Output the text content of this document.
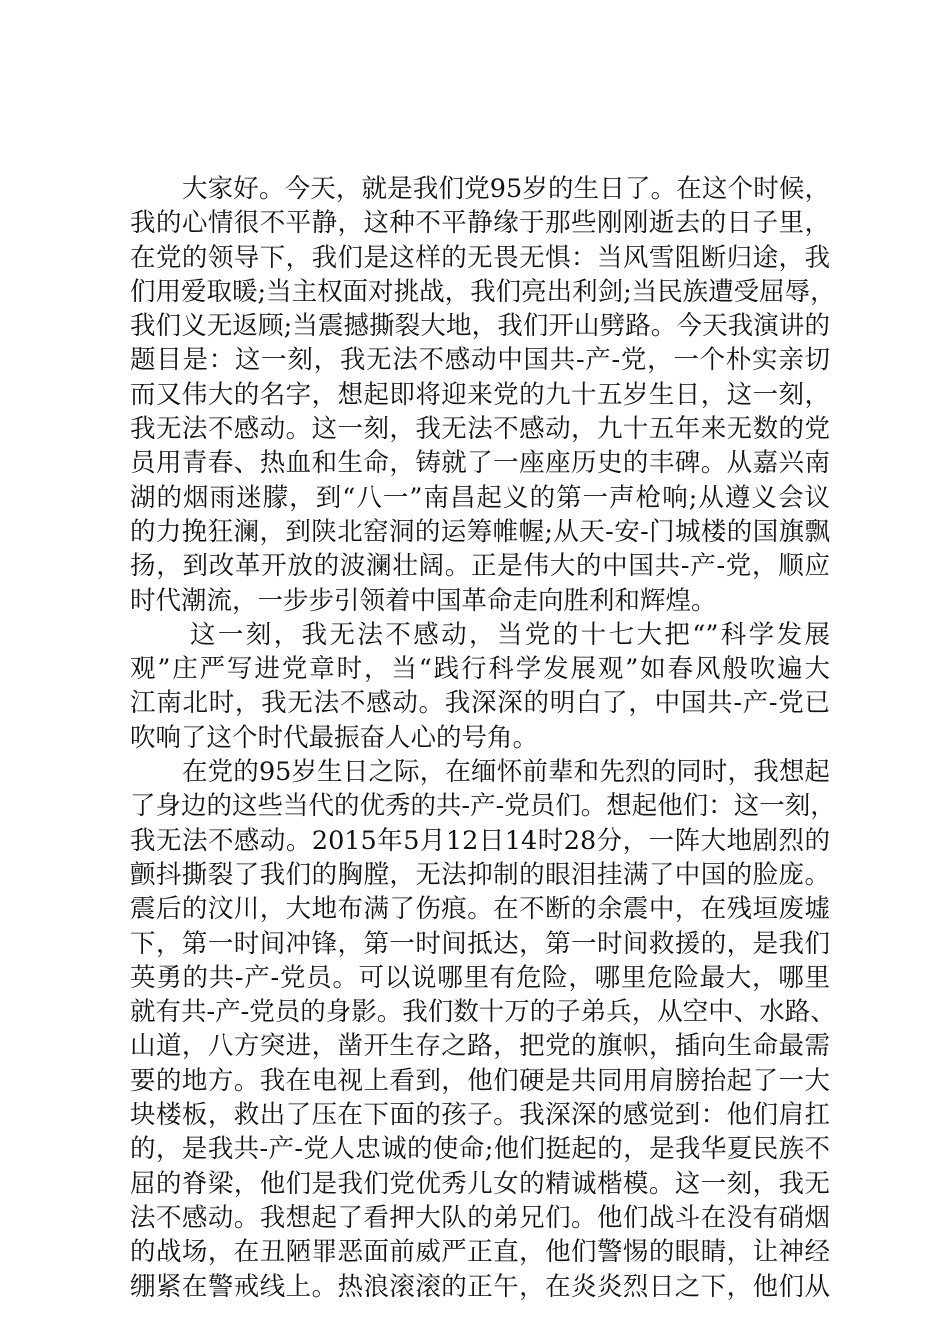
大家好。今天，就是我们党95岁的生日了。在这个时候，
我的心情很不平静，这种不平静缘于那些刚刚逝去的日子里，
在党的领导下，我们是这样的无畏无惧：当风雪阻断归途，我
们用爱取暖;当主权面对挑战，我们亮出利剑;当民族遭受屈辱，
我们义无返顾;当震撼撕裂大地，我们开山劈路。今天我演讲的
题目是：这一刻，我无法不感动中国共-产-党，一个朴实亲切
而又伟大的名字，想起即将迎来党的九十五岁生日，这一刻，
我无法不感动。这一刻，我无法不感动，九十五年来无数的党
员用青春、热血和生命，铸就了一座座历史的丰碑。从嘉兴南
湖的烟雨迷朦，到“八一”南昌起义的第一声枪响;从遵义会议
的力挽狂澜，到陕北窑洞的运筹帷幄;从天-安-门城楼的国旗飘
扬，到改革开放的波澜壮阔。正是伟大的中国共-产-党，顺应
时代潮流，一步步引领着中国革命走向胜利和辉煌。
这一刻，我无法不感动，当党的十七大把“”科学发展
观”庄严写进党章时，当“践行科学发展观”如春风般吹遍大
江南北时，我无法不感动。我深深的明白了，中国共-产-党已
吹响了这个时代最振奋人心的号角。
在党的95岁生日之际，在缅怀前辈和先烈的同时，我想起
了身边的这些当代的优秀的共-产-党员们。想起他们：这一刻，
我无法不感动。2015年5月12日14时28分，一阵大地剧烈的
颤抖撕裂了我们的胸膛，无法抑制的眼泪挂满了中国的脸庞。
震后的汶川，大地布满了伤痕。在不断的余震中，在残垣废墟
下，第一时间冲锋，第一时间抵达，第一时间救援的，是我们
英勇的共-产-党员。可以说哪里有危险，哪里危险最大，哪里
就有共-产-党员的身影。我们数十万的子弟兵，从空中、水路、
山道，八方突进，凿开生存之路，把党的旗帜，插向生命最需
要的地方。我在电视上看到，他们硬是共同用肩膀抬起了一大
块楼板，救出了压在下面的孩子。我深深的感觉到：他们肩扛
的，是我共-产-党人忠诚的使命;他们挺起的，是我华夏民族不
屈的脊梁，他们是我们党优秀儿女的精诚楷模。这一刻，我无
法不感动。我想起了看押大队的弟兄们。他们战斗在没有硝烟
的战场，在丑陋罪恶面前威严正直，他们警惕的眼睛，让神经
绷紧在警戒线上。热浪滚滚的正午，在炎炎烈日之下，他们从
